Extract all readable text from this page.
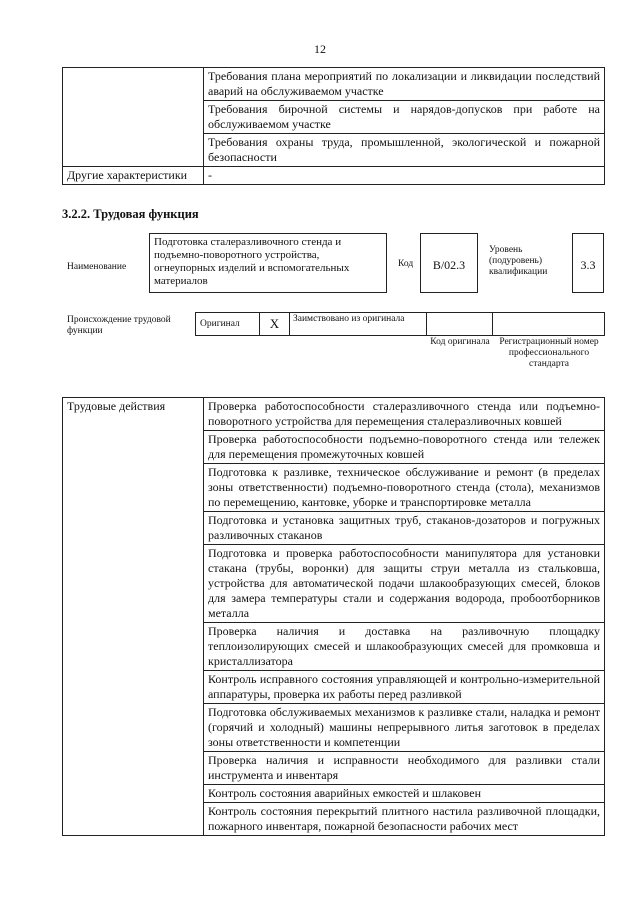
12
	Требования плана мероприятий по локализации и ликвидации последствий аварий на обслуживаемом участке
	Требования бирочной системы и нарядов-допусков при работе на обслуживаемом участке
	Требования охраны труда, промышленной, экологической и пожарной безопасности
Другие характеристики	-
3.2.2. Трудовая функция
Наименование
Подготовка сталеразливочного стенда и подъемно-поворотного устройства, огнеупорных изделий и вспомогательных материалов
Код	B/02.3
Уровень (подуровень) квалификации	3.3
Происхождение трудовой функции
Оригинал	X	Заимствовано из оригинала
Код оригинала Регистрационный номер профессионального стандарта
Трудовые действия	Проверка работоспособности сталеразливочного стенда или подъемно-поворотного устройства для перемещения сталеразливочных ковшей
Проверка работоспособности подъемно-поворотного стенда или тележек для перемещения промежуточных ковшей
Подготовка к разливке, техническое обслуживание и ремонт (в пределах зоны ответственности) подъемно-поворотного стенда (стола), механизмов по перемещению, кантовке, уборке и транспортировке металла
Подготовка и установка защитных труб, стаканов-дозаторов и погружных разливочных стаканов
Подготовка и проверка работоспособности манипулятора для установки стакана (трубы, воронки) для защиты струи металла из стальковша, устройства для автоматической подачи шлакообразующих смесей, блоков для замера температуры стали и содержания водорода, пробоотборников металла
Проверка наличия и доставка на разливочную площадку теплоизолирующих смесей и шлакообразующих смесей для промковша и кристаллизатора
Контроль исправного состояния управляющей и контрольно-измерительной аппаратуры, проверка их работы перед разливкой
Подготовка обслуживаемых механизмов к разливке стали, наладка и ремонт (горячий и холодный) машины непрерывного литья заготовок в пределах зоны ответственности и компетенции
Проверка наличия и исправности необходимого для разливки стали инструмента и инвентаря
Контроль состояния аварийных емкостей и шлаковен
Контроль состояния перекрытий плитного настила разливочной площадки, пожарного инвентаря, пожарной безопасности рабочих мест
